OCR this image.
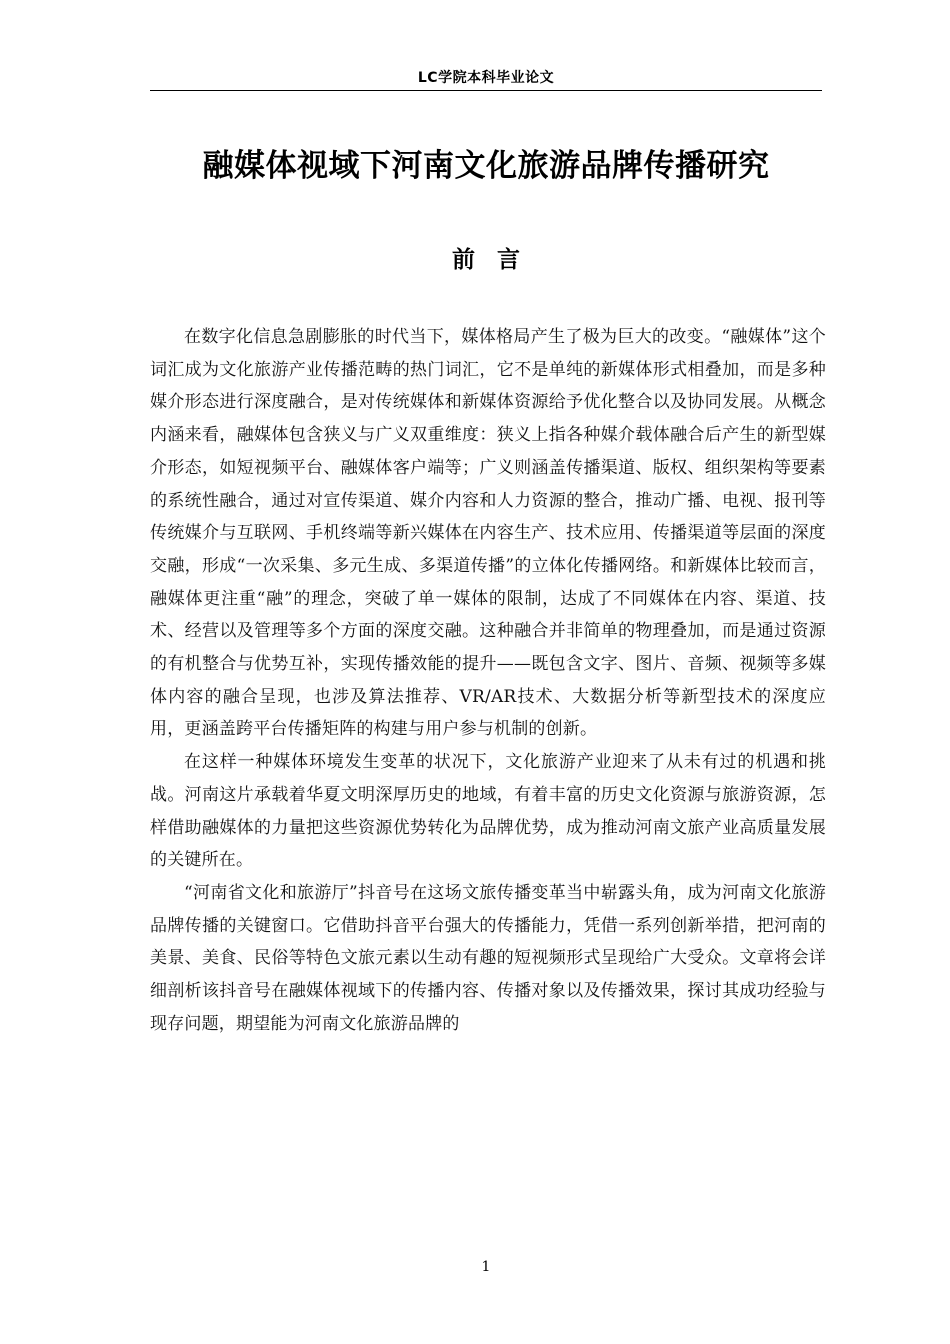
LC学院本科毕业论文
融媒体视域下河南文化旅游品牌传播研究
前言

在数字化信息急剧膨胀的时代当下，媒体格局产生了极为巨大的改变。“融媒体”这个词汇成为文化旅游产业传播范畴的热门词汇，它不是单纯的新媒体形式相叠加，而是多种媒介形态进行深度融合，是对传统媒体和新媒体资源给予优化整合以及协同发展。从概念内涵来看，融媒体包含狭义与广义双重维度：狭义上指各种媒介载体融合后产生的新型媒介形态，如短视频平台、融媒体客户端等；广义则涵盖传播渠道、版权、组织架构等要素的系统性融合，通过对宣传渠道、媒介内容和人力资源的整合，推动广播、电视、报刊等传统媒介与互联网、手机终端等新兴媒体在内容生产、技术应用、传播渠道等层面的深度交融，形成“一次采集、多元生成、多渠道传播”的立体化传播网络。和新媒体比较而言，融媒体更注重“融”的理念，突破了单一媒体的限制，达成了不同媒体在内容、渠道、技术、经营以及管理等多个方面的深度交融。这种融合并非简单的物理叠加，而是通过资源的有机整合与优势互补，实现传播效能的提升——既包含文字、图片、音频、视频等多媒体内容的融合呈现，也涉及算法推荐、VR/AR技术、大数据分析等新型技术的深度应用，更涵盖跨平台传播矩阵的构建与用户参与机制的创新。

在这样一种媒体环境发生变革的状况下，文化旅游产业迎来了从未有过的机遇和挑战。河南这片承载着华夏文明深厚历史的地域，有着丰富的历史文化资源与旅游资源，怎样借助融媒体的力量把这些资源优势转化为品牌优势，成为推动河南文旅产业高质量发展的关键所在。

“河南省文化和旅游厅”抖音号在这场文旅传播变革当中崭露头角，成为河南文化旅游品牌传播的关键窗口。它借助抖音平台强大的传播能力，凭借一系列创新举措，把河南的美景、美食、民俗等特色文旅元素以生动有趣的短视频形式呈现给广大受众。文章将会详细剖析该抖音号在融媒体视域下的传播内容、传播对象以及传播效果，探讨其成功经验与现存问题，期望能为河南文化旅游品牌的

1
